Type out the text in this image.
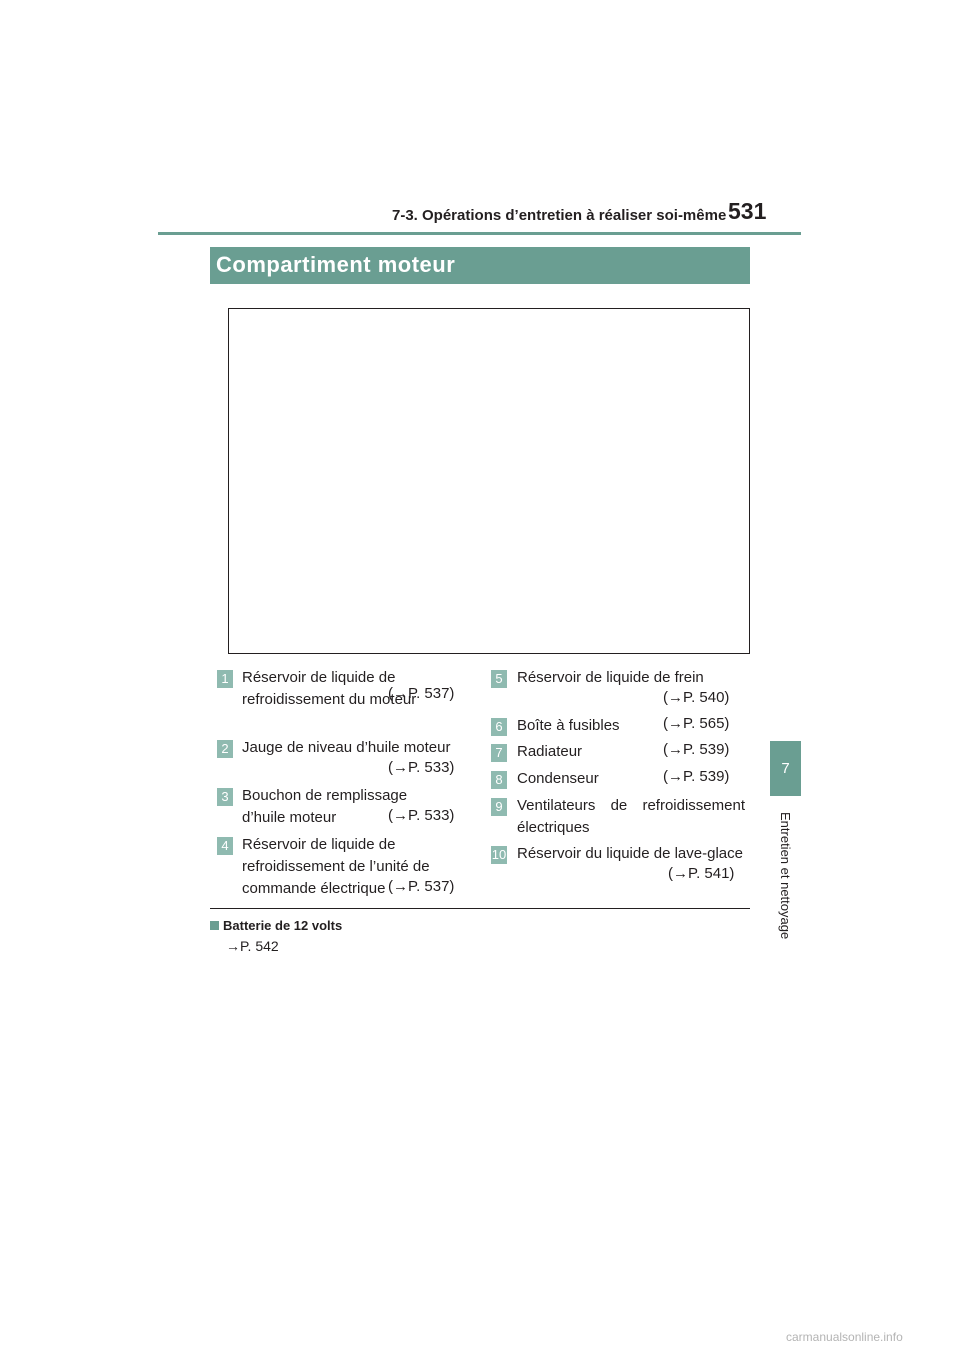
7-3. Opérations d’entretien à réaliser soi-même 531
7
Entretien et nettoyage
Compartiment moteur
1 Réservoir de liquide de
refroidissement du moteur
(→P. 537)
2 Jauge de niveau d’huile moteur
(→P. 533)
3 Bouchon de remplissage
d’huile moteur	(→P. 533)
4 Réservoir de liquide de
refroidissement de l’unité de
commande électrique (→P. 537)
5 Réservoir de liquide de frein
(→P. 540)
6 Boîte à fusibles	(→P. 565)
7 Radiateur	(→P. 539)
8 Condenseur	(→P. 539)
9 Ventilateurs de refroidissement
électriques
10 Réservoir du liquide de lave-glace
(→P. 541)
Batterie de 12 volts
→P. 542
carmanualsonline.info
